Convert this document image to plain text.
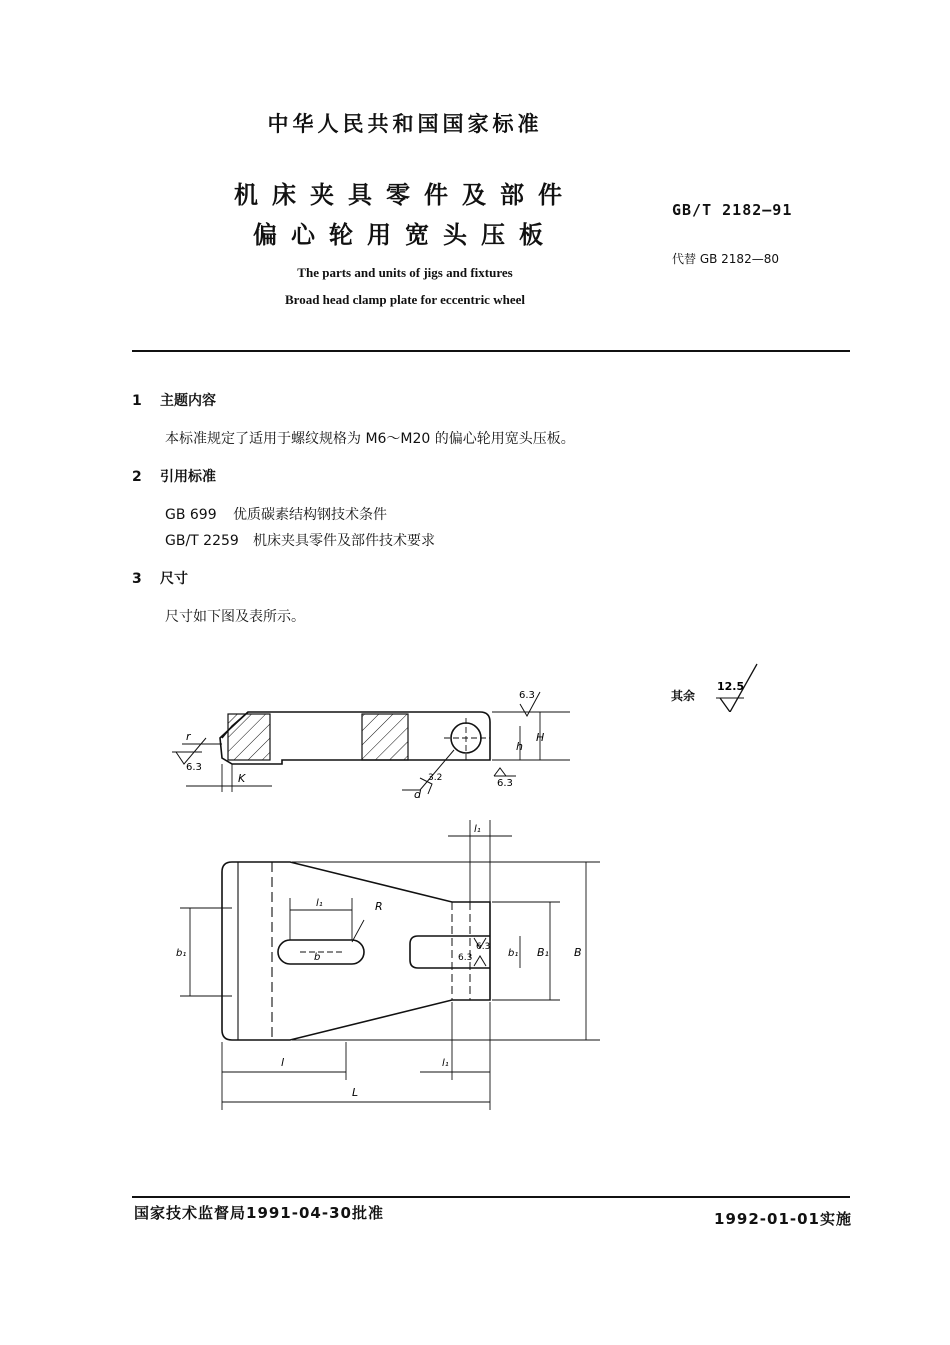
中华人民共和国国家标准
机床夹具零件及部件
偏心轮用宽头压板
GB/T 2182—91
代替 GB 2182—80
The parts and units of jigs and fixtures
Broad head clamp plate for eccentric wheel
1 主题内容
本标准规定了适用于螺纹规格为 M6～M20 的偏心轮用宽头压板。
2 引用标准
GB 699 优质碳素结构钢技术条件
GB/T 2259 机床夹具零件及部件技术要求
3 尺寸
尺寸如下图及表所示。
其余
12.5
6.3
6.3
6.3
3.2
r
K
d
h
H
l₁
l₁	R
b
b₁	b₁ B₁ B
l	l₁
L
6.3
6.3
国家技术监督局1991-04-30批准	1992-01-01实施
